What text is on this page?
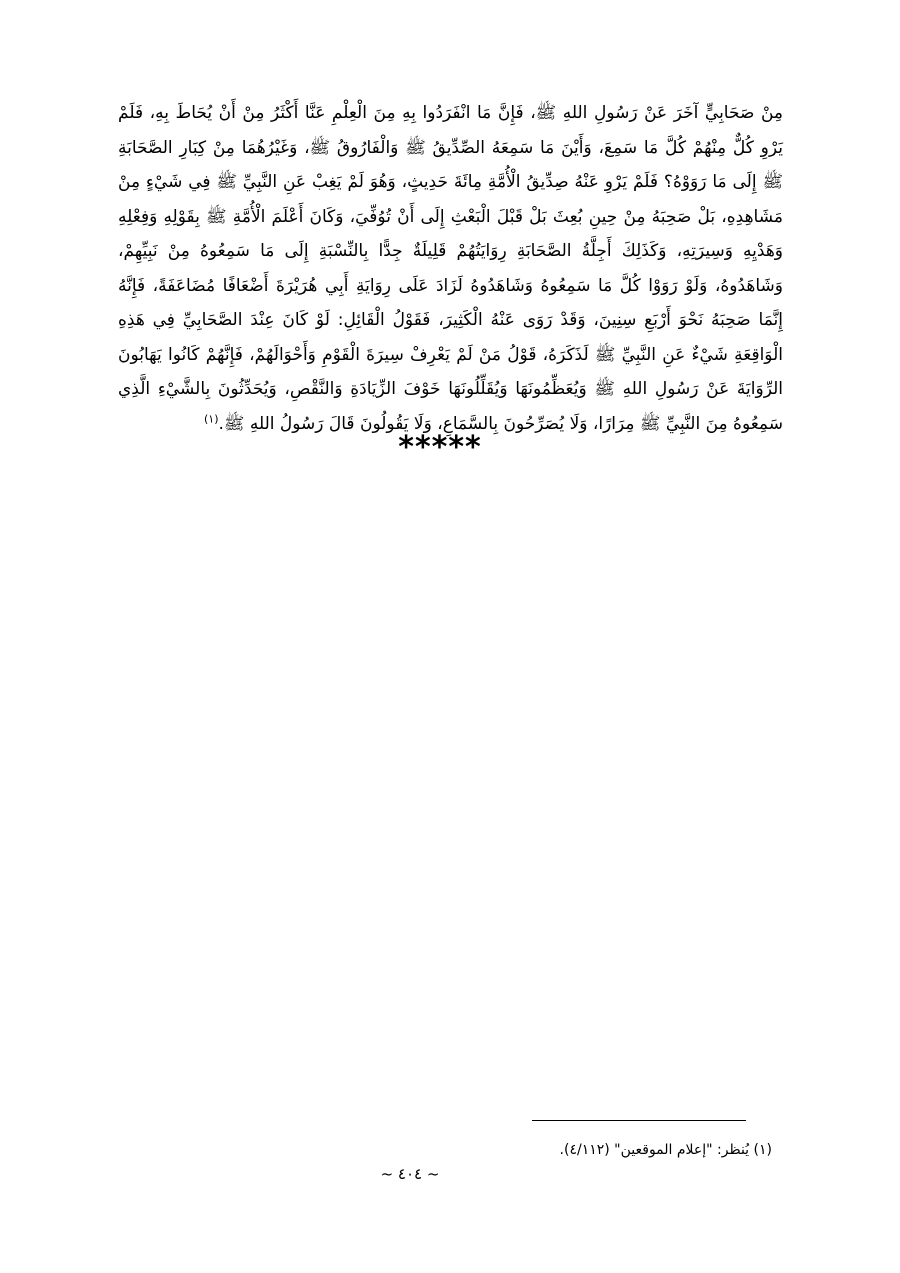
مِنْ صَحَابِيٍّ آخَرَ عَنْ رَسُولِ اللهِ ﷺ، فَإِنَّ مَا انْفَرَدُوا بِهِ مِنَ الْعِلْمِ عَنَّا أَكْثَرُ مِنْ أَنْ يُحَاطَ بِهِ، فَلَمْ يَرْوِ كُلٌّ مِنْهُمْ كُلَّ مَا سَمِعَ، وَأَيْنَ مَا سَمِعَهُ الصِّدِّيقُ ﷺ وَالْفَارُوقُ ﷺ، وَغَيْرُهُمَا مِنْ كِبَارِ الصَّحَابَةِ ﷺ إِلَى مَا رَوَوْهُ؟ فَلَمْ يَرْوِ عَنْهُ صِدِّيقُ الْأُمَّةِ مِائَةَ حَدِيثٍ، وَهُوَ لَمْ يَغِبْ عَنِ النَّبِيِّ ﷺ فِي شَيْءٍ مِنْ مَشَاهِدِهِ، بَلْ صَحِبَهُ مِنْ حِينِ بُعِثَ بَلْ قَبْلَ الْبَعْثِ إِلَى أَنْ تُوُفِّيَ، وَكَانَ أَعْلَمَ الْأُمَّةِ ﷺ بِقَوْلِهِ وَفِعْلِهِ وَهَدْيِهِ وَسِيرَتِهِ، وَكَذَلِكَ أَجِلَّةُ الصَّحَابَةِ رِوَايَتُهُمْ قَلِيلَةٌ جِدًّا بِالنِّسْبَةِ إِلَى مَا سَمِعُوهُ مِنْ نَبِيِّهِمْ، وَشَاهَدُوهُ، وَلَوْ رَوَوْا كُلَّ مَا سَمِعُوهُ وَشَاهَدُوهُ لَزَادَ عَلَى رِوَايَةِ أَبِي هُرَيْرَةَ أَضْعَافًا مُضَاعَفَةً، فَإِنَّهُ إِنَّمَا صَحِبَهُ نَحْوَ أَرْبَعِ سِنِينَ، وَقَدْ رَوَى عَنْهُ الْكَثِيرَ، فَقَوْلُ الْقَائِلِ: لَوْ كَانَ عِنْدَ الصَّحَابِيِّ فِي هَذِهِ الْوَاقِعَةِ شَيْءٌ عَنِ النَّبِيِّ ﷺ لَذَكَرَهُ، قَوْلُ مَنْ لَمْ يَعْرِفْ سِيرَةَ الْقَوْمِ وَأَحْوَالَهُمْ، فَإِنَّهُمْ كَانُوا يَهَابُونَ الرِّوَايَةَ عَنْ رَسُولِ اللهِ ﷺ وَيُعَظِّمُونَهَا وَيُقَلِّلُونَهَا خَوْفَ الزِّيَادَةِ وَالنَّقْصِ، وَيُحَدِّثُونَ بِالشَّيْءِ الَّذِي سَمِعُوهُ مِنَ النَّبِيِّ ﷺ مِرَارًا، وَلَا يُصَرِّحُونَ بِالسَّمَاعِ، وَلَا يَقُولُونَ قَالَ رَسُولُ اللهِ ﷺ.$^{(١)}$

*****
(١) يُنظر: "إعلام الموقعين" (٤/١١٢).
~ ٤٠٤ ~
